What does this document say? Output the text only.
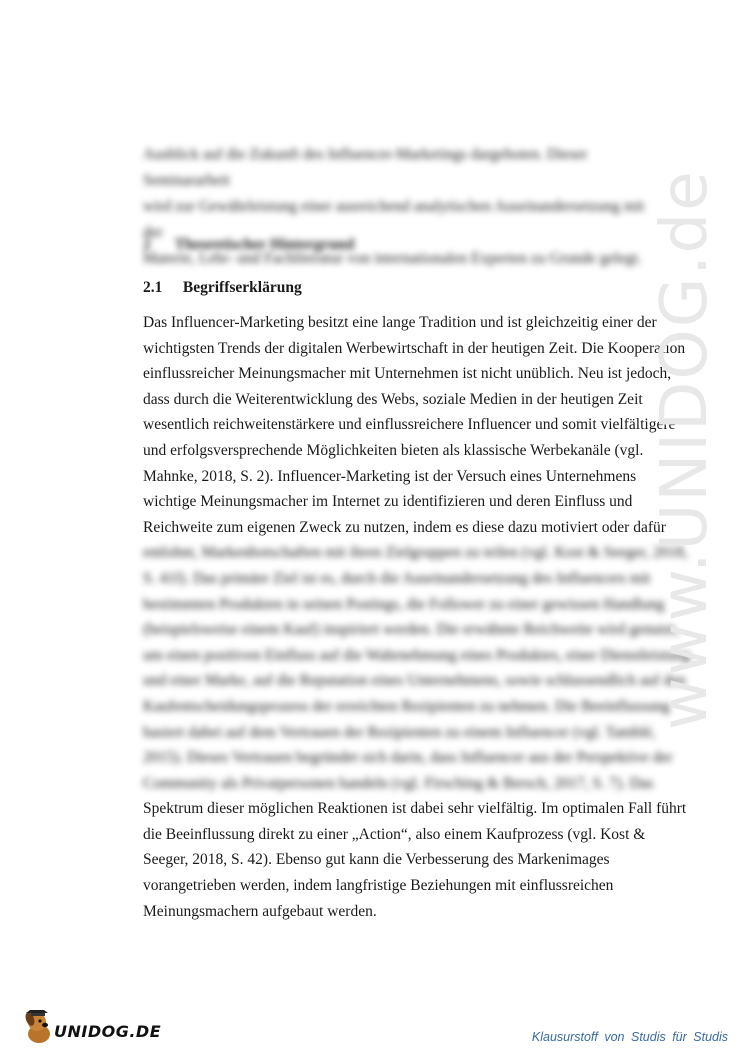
Ausblick auf die Zukunft des Influencer-Marketings dargeboten. Dieser Seminararbeit
wird zur Gewährleistung einer ausreichend analytischen Auseinandersetzung mit der
Materie, Lehr- und Fachliteratur von internationalen Experten zu Grunde gelegt.
2 Theoretischer Hintergrund
2.1 Begriffserklärung
Das Influencer-Marketing besitzt eine lange Tradition und ist gleichzeitig einer der
wichtigsten Trends der digitalen Werbewirtschaft in der heutigen Zeit. Die Kooperation
einflussreicher Meinungsmacher mit Unternehmen ist nicht unüblich. Neu ist jedoch,
dass durch die Weiterentwicklung des Webs, soziale Medien in der heutigen Zeit
wesentlich reichweitenstärkere und einflussreichere Influencer und somit vielfältigere
und erfolgsversprechende Möglichkeiten bieten als klassische Werbekanäle (vgl.
Mahnke, 2018, S. 2). Influencer-Marketing ist der Versuch eines Unternehmens
wichtige Meinungsmacher im Internet zu identifizieren und deren Einfluss und
Reichweite zum eigenen Zweck zu nutzen, indem es diese dazu motiviert oder dafür
entlohnt, Markenbotschaften mit ihren Zielgruppen zu teilen (vgl. Kost & Seeger, 2018,
S. 41f). Das primäre Ziel ist es, durch die Auseinandersetzung des Influencers mit
bestimmten Produkten in seinen Postings, die Follower zu einer gewissen Handlung
(beispielsweise einem Kauf) inspiriert werden. Die erwähnte Reichweite wird genutzt,
um einen positiven Einfluss auf die Wahrnehmung eines Produktes, einer Dienstleistung
und einer Marke, auf die Reputation eines Unternehmens, sowie schlussendlich auf den
Kaufentscheidungsprozess der erreichten Rezipienten zu nehmen. Die Beeinflussung
basiert dabei auf dem Vertrauen der Rezipienten zu einem Influencer (vgl. Tamblé,
2015). Dieses Vertrauen begründet sich darin, dass Influencer aus der Perspektive der
Community als Privatpersonen handeln (vgl. Firsching & Bersch, 2017, S. 7). Das
Spektrum dieser möglichen Reaktionen ist dabei sehr vielfältig. Im optimalen Fall führt
die Beeinflussung direkt zu einer „Action“, also einem Kaufprozess (vgl. Kost &
Seeger, 2018, S. 42). Ebenso gut kann die Verbesserung des Markenimages
vorangetrieben werden, indem langfristige Beziehungen mit einflussreichen
Meinungsmachern aufgebaut werden.
www.UNIDOG.de
UNIDOG.DE	Klausurstoff von Studis für Studis
